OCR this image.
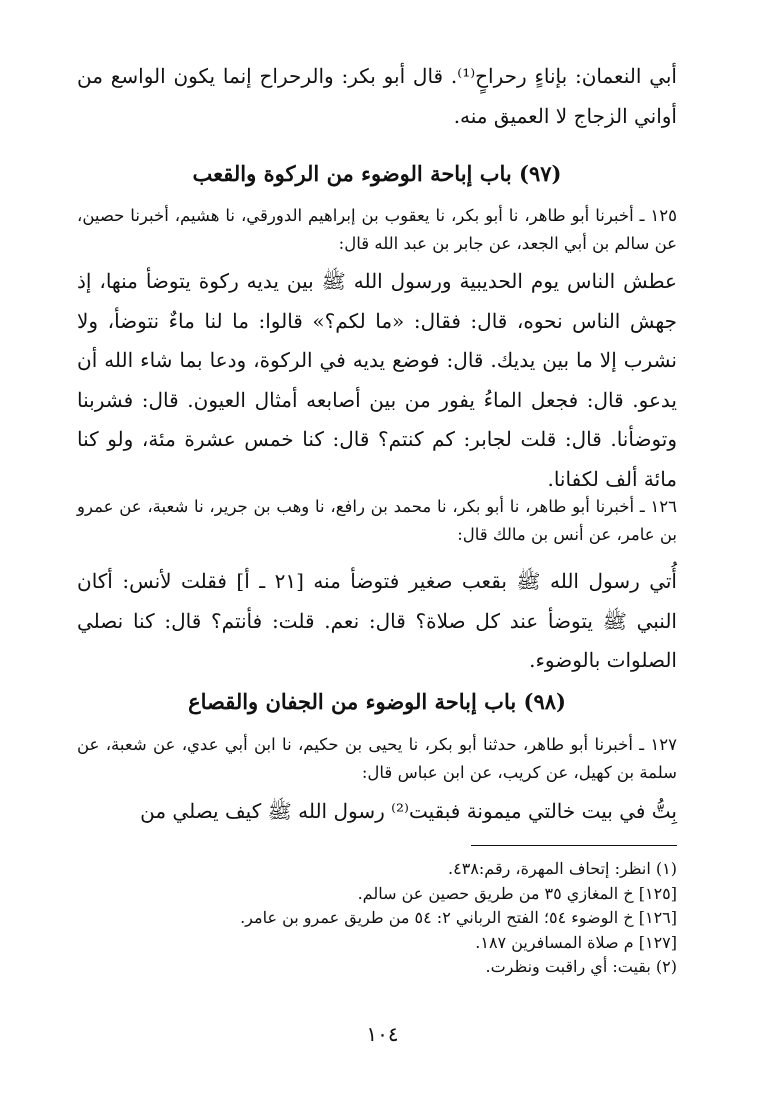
أبي النعمان: بإناءٍ رحراحٍ⁽¹⁾. قال أبو بكر: والرحراح إنما يكون الواسع من أواني الزجاج لا العميق منه.
(٩٧) باب إباحة الوضوء من الركوة والقعب
١٢٥ ـ أخبرنا أبو طاهر، نا أبو بكر، نا يعقوب بن إبراهيم الدورقي، نا هشيم، أخبرنا حصين، عن سالم بن أبي الجعد، عن جابر بن عبد الله قال:
عطش الناس يوم الحديبية ورسول الله ﷺ بين يديه ركوة يتوضأ منها، إذ جهش الناس نحوه، قال: فقال: «ما لكم؟» قالوا: ما لنا ماءٌ نتوضأ، ولا نشرب إلا ما بين يديك. قال: فوضع يديه في الركوة، ودعا بما شاء الله أن يدعو. قال: فجعل الماءُ يفور من بين أصابعه أمثال العيون. قال: فشربنا وتوضأنا. قال: قلت لجابر: كم كنتم؟ قال: كنا خمس عشرة مئة، ولو كنا مائة ألف لكفانا.
١٢٦ ـ أخبرنا أبو طاهر، نا أبو بكر، نا محمد بن رافع، نا وهب بن جرير، نا شعبة، عن عمرو بن عامر، عن أنس بن مالك قال:
أُتي رسول الله ﷺ بقعب صغير فتوضأ منه [٢١ ـ أ] فقلت لأنس: أكان النبي ﷺ يتوضأ عند كل صلاة؟ قال: نعم. قلت: فأنتم؟ قال: كنا نصلي الصلوات بالوضوء.
(٩٨) باب إباحة الوضوء من الجفان والقصاع
١٢٧ ـ أخبرنا أبو طاهر، حدثنا أبو بكر، نا يحيى بن حكيم، نا ابن أبي عدي، عن شعبة، عن سلمة بن كهيل، عن كريب، عن ابن عباس قال:
بِتُّ في بيت خالتي ميمونة فبقيت⁽²⁾ رسول الله ﷺ كيف يصلي من
(١) انظر: إتحاف المهرة، رقم:٤٣٨.
[١٢٥] خ المغازي ٣٥ من طريق حصين عن سالم.
[١٢٦] خ الوضوء ٥٤؛ الفتح الرباني ٢: ٥٤ من طريق عمرو بن عامر.
[١٢٧] م صلاة المسافرين ١٨٧.
(٢) بقيت: أي راقبت ونظرت.
١٠٤
